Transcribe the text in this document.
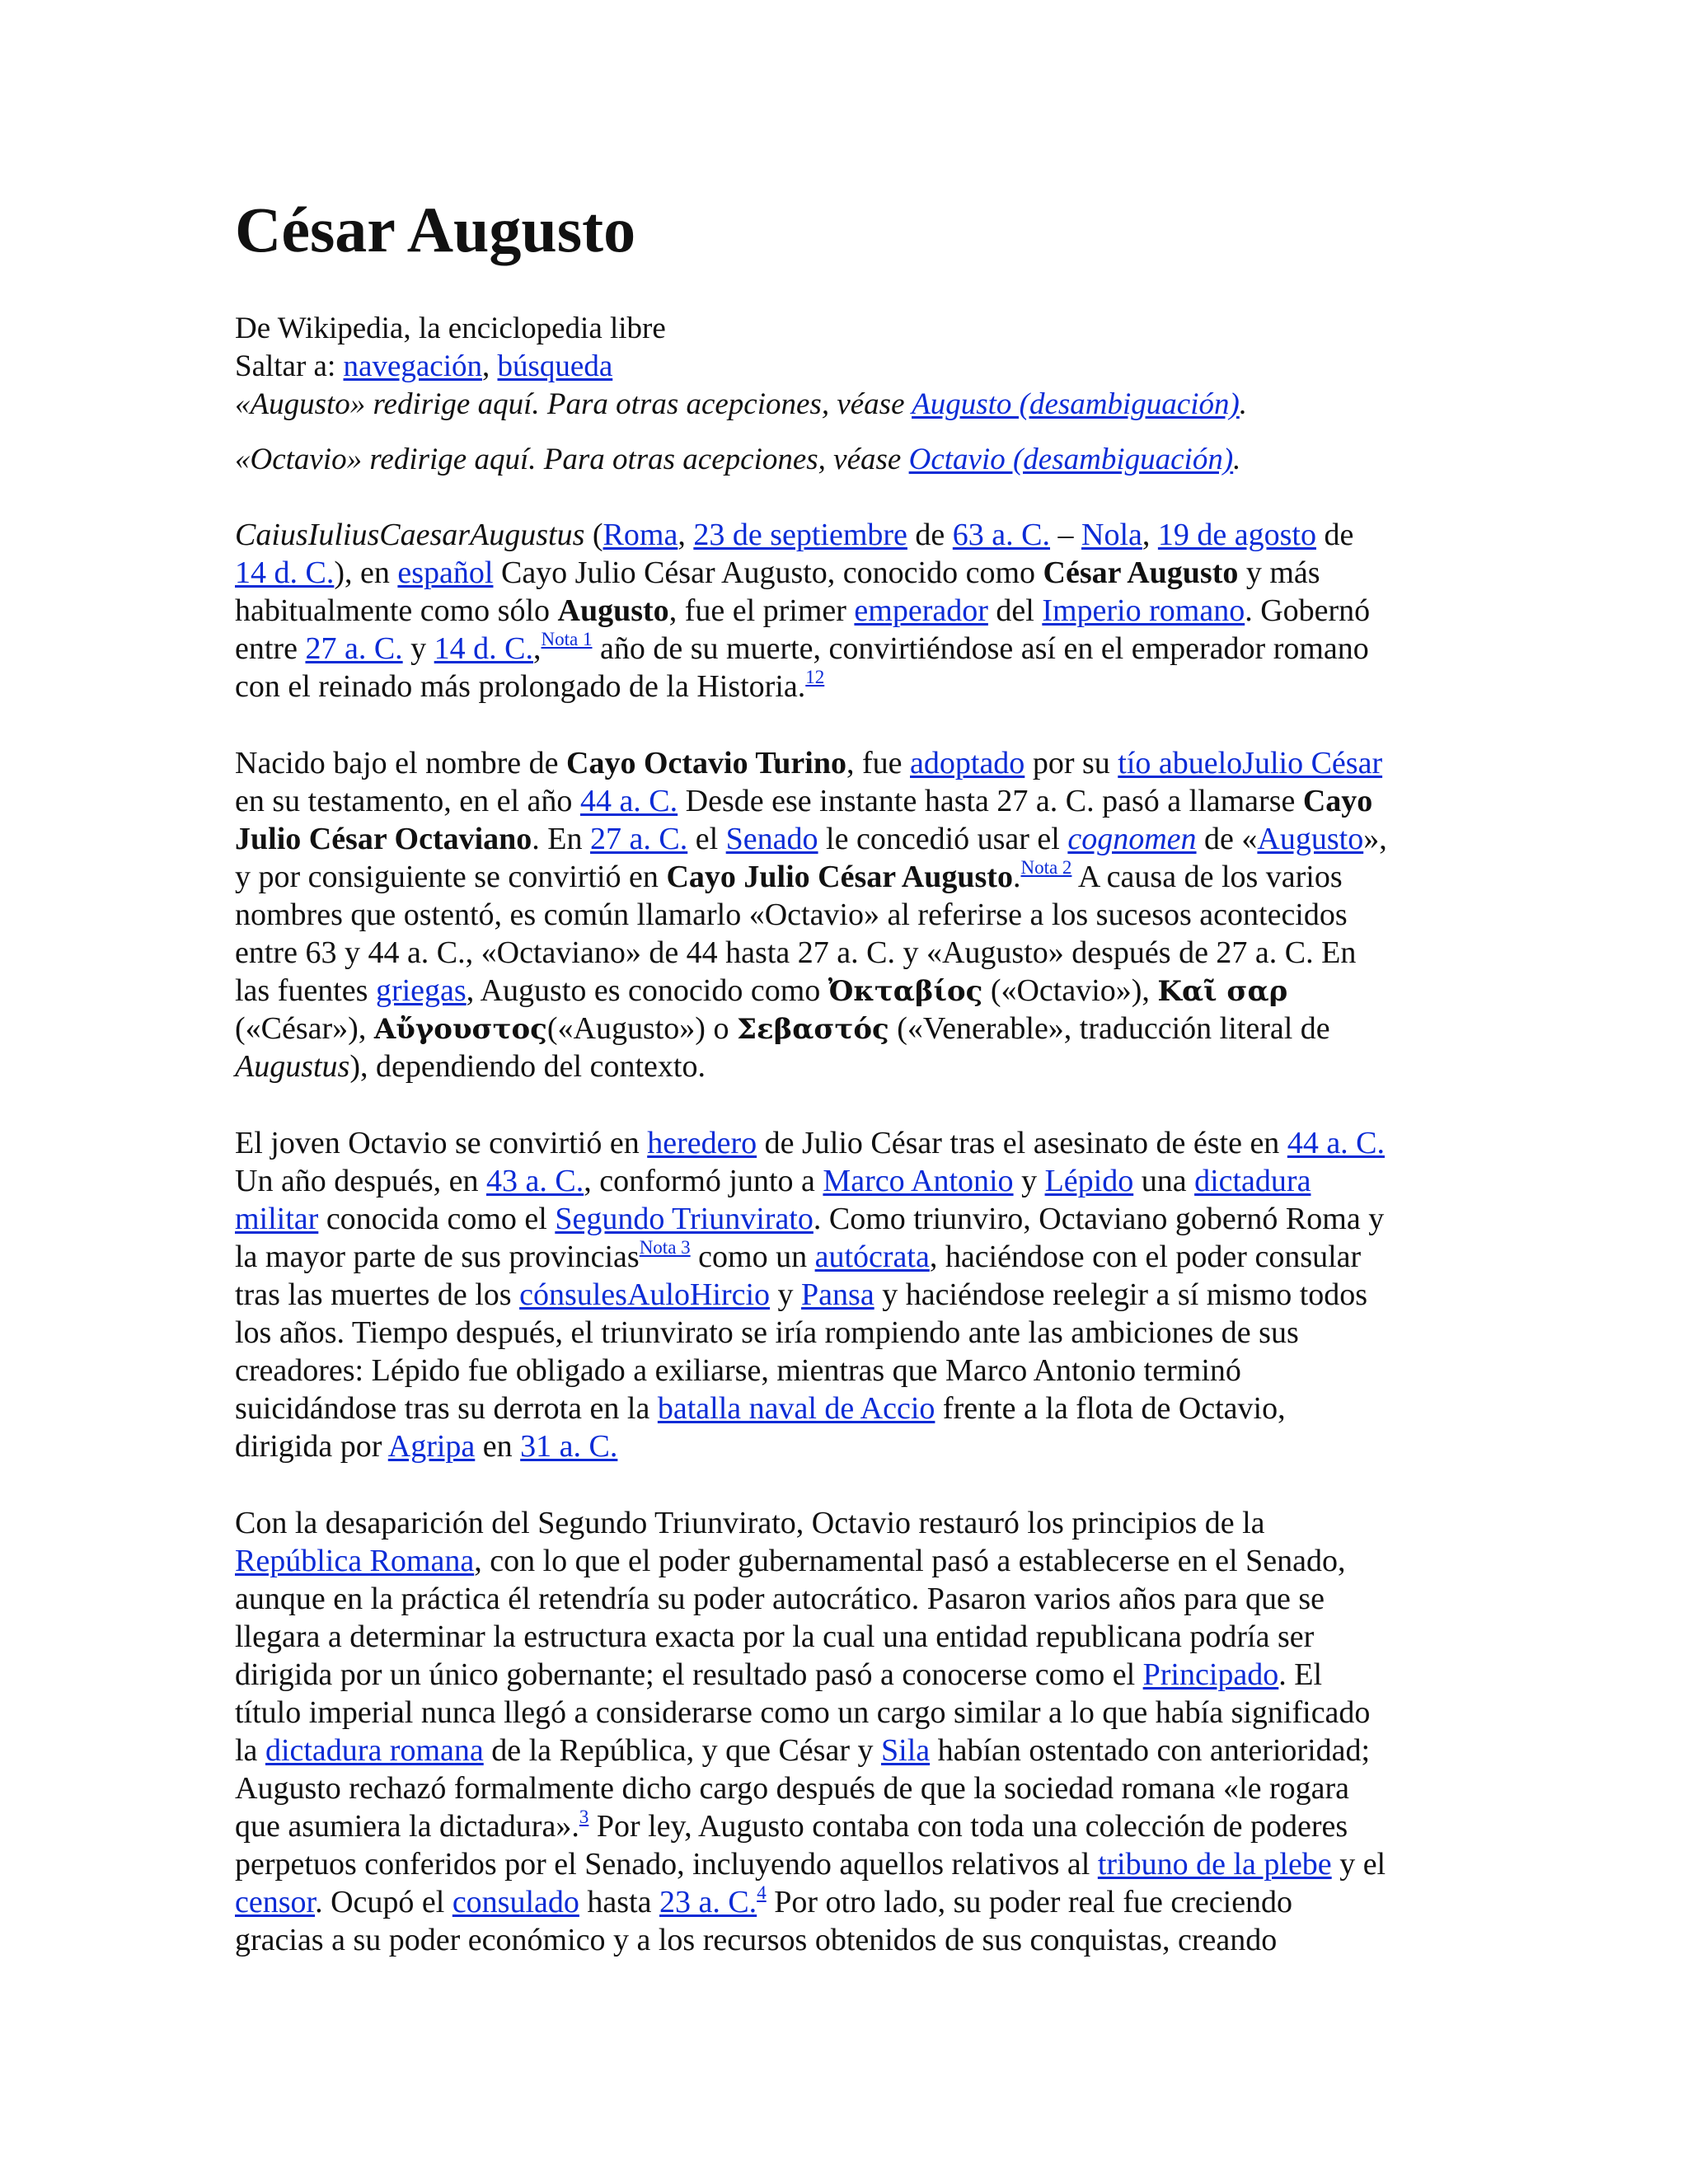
César Augusto
De Wikipedia, la enciclopedia libre
Saltar a: navegación, búsqueda
«Augusto» redirige aquí. Para otras acepciones, véase Augusto (desambiguación).
«Octavio» redirige aquí. Para otras acepciones, véase Octavio (desambiguación).
CaiusIuliusCaesarAugustus (Roma, 23 de septiembre de 63 a. C. – Nola, 19 de agosto de
14 d. C.), en español Cayo Julio César Augusto, conocido como César Augusto y más
habitualmente como sólo Augusto, fue el primer emperador del Imperio romano. Gobernó
entre 27 a. C. y 14 d. C.,$^{Nota 1}$ año de su muerte, convirtiéndose así en el emperador romano
con el reinado más prolongado de la Historia.$^{12}$
Nacido bajo el nombre de Cayo Octavio Turino, fue adoptado por su tío abueloJulio César
en su testamento, en el año 44 a. C. Desde ese instante hasta 27 a. C. pasó a llamarse Cayo
Julio César Octaviano. En 27 a. C. el Senado le concedió usar el cognomen de «Augusto»,
y por consiguiente se convirtió en Cayo Julio César Augusto.$^{Nota 2}$ A causa de los varios
nombres que ostentó, es común llamarlo «Octavio» al referirse a los sucesos acontecidos
entre 63 y 44 a. C., «Octaviano» de 44 hasta 27 a. C. y «Augusto» después de 27 a. C. En
las fuentes griegas, Augusto es conocido como Ὀκταβίος («Octavio»), Καῖ σαρ
(«César»), Αὔγουστος(«Augusto») o Σεβαστός («Venerable», traducción literal de
Augustus), dependiendo del contexto.
El joven Octavio se convirtió en heredero de Julio César tras el asesinato de éste en 44 a. C.
Un año después, en 43 a. C., conformó junto a Marco Antonio y Lépido una dictadura
militar conocida como el Segundo Triunvirato. Como triunviro, Octaviano gobernó Roma y
la mayor parte de sus provincias$^{Nota 3}$ como un autócrata, haciéndose con el poder consular
tras las muertes de los cónsulesAuloHircio y Pansa y haciéndose reelegir a sí mismo todos
los años. Tiempo después, el triunvirato se iría rompiendo ante las ambiciones de sus
creadores: Lépido fue obligado a exiliarse, mientras que Marco Antonio terminó
suicidándose tras su derrota en la batalla naval de Accio frente a la flota de Octavio,
dirigida por Agripa en 31 a. C.
Con la desaparición del Segundo Triunvirato, Octavio restauró los principios de la
República Romana, con lo que el poder gubernamental pasó a establecerse en el Senado,
aunque en la práctica él retendría su poder autocrático. Pasaron varios años para que se
llegara a determinar la estructura exacta por la cual una entidad republicana podría ser
dirigida por un único gobernante; el resultado pasó a conocerse como el Principado. El
título imperial nunca llegó a considerarse como un cargo similar a lo que había significado
la dictadura romana de la República, y que César y Sila habían ostentado con anterioridad;
Augusto rechazó formalmente dicho cargo después de que la sociedad romana «le rogara
que asumiera la dictadura».$^3$ Por ley, Augusto contaba con toda una colección de poderes
perpetuos conferidos por el Senado, incluyendo aquellos relativos al tribuno de la plebe y el
censor. Ocupó el consulado hasta 23 a. C.$^4$ Por otro lado, su poder real fue creciendo
gracias a su poder económico y a los recursos obtenidos de sus conquistas, creando
